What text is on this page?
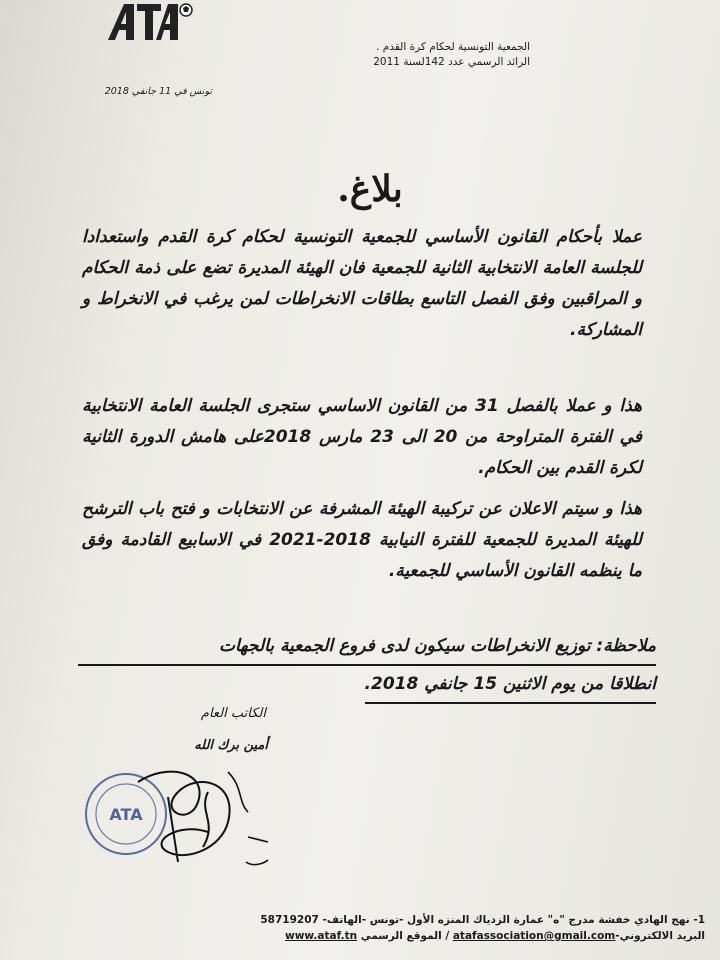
الجمعية التونسية لحكام كرة القدم .
الرائد الرسمي عدد 142لسنة 2011
تونس في 11 جانفي 2018
بلاغ.
عملا بأحكام القانون الأساسي للجمعية التونسية لحكام كرة القدم واستعدادا للجلسة العامة الانتخابية الثانية للجمعية فان الهيئة المديرة تضع على ذمة الحكام و المراقبين وفق الفصل التاسع بطاقات الانخراطات لمن يرغب في الانخراط و المشاركة.
هذا و عملا بالفصل 31 من القانون الاساسي ستجرى الجلسة العامة الانتخابية في الفترة المتراوحة من 20 الى 23 مارس 2018على هامش الدورة الثانية لكرة القدم بين الحكام.
هذا و سيتم الاعلان عن تركيبة الهيئة المشرفة عن الانتخابات و فتح باب الترشح للهيئة المديرة للجمعية للفترة النيابية 2018-2021 في الاسابيع القادمة وفق ما ينظمه القانون الأساسي للجمعية.
ملاحظة: توزيع الانخراطات سيكون لدى فروع الجمعية بالجهات
انطلاقا من يوم الاثنين 15 جانفي 2018.
الكاتب العام
أمين برك الله
ATA
1- نهج الهادي خفشة مدرج "ه" عمارة الزدياك المنزه الأول -تونس -الهاتف- 58719207
البريد الالكتروني-atafassociation@gmail.com / الموقع الرسمي www.ataf.tn
